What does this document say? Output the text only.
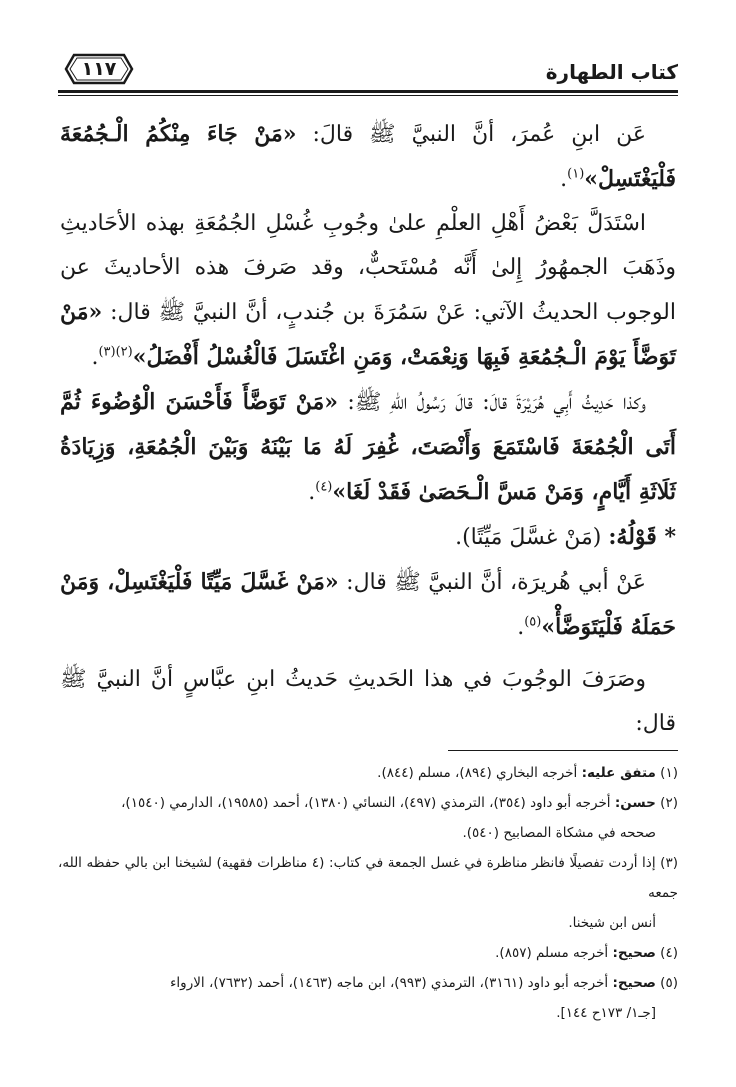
كتاب الطهارة
١١٧

عَن ابنِ عُمرَ، أنَّ النبيَّ ﷺ قالَ: «مَنْ جَاءَ مِنْكُمُ الْـجُمُعَةَ فَلْيَغْتَسِلْ»$^{(١)}$.

اسْتَدَلَّ بَعْضُ أَهْلِ العلْمِ علىٰ وجُوبِ غُسْلِ الجُمُعَةِ بهذه الأحَاديثِ وذَهَبَ الجمهُورُ إِلىٰ أَنَّه مُسْتَحبٌّ، وقد صَرفَ هذه الأحاديثَ عن الوجوب الحديثُ الآتي: عَنْ سَمُرَةَ بن جُندبٍ، أنَّ النبيَّ ﷺ قال: «مَنْ تَوَضَّأَ يَوْمَ الْـجُمُعَةِ فَبِهَا وَنِعْمَتْ، وَمَنِ اغْتَسَلَ فَالْغُسْلُ أَفْضَلُ»$^{(٢)(٣)}$.

وكذا حَدِيثُ أَبِي هُرَيْرَةَ قالَ: قالَ رَسُولُ اللهِ ﷺ: «مَنْ تَوَضَّأَ فَأَحْسَنَ الْوُضُوءَ ثُمَّ أَتَى الْجُمُعَةَ فَاسْتَمَعَ وَأَنْصَتَ، غُفِرَ لَهُ مَا بَيْنَهُ وَبَيْنَ الْجُمُعَةِ، وَزِيَادَةُ ثَلَاثَةِ أَيَّامٍ، وَمَنْ مَسَّ الْـحَصَىٰ فَقَدْ لَغَا»$^{(٤)}$.

* قَوْلُهُ: (مَنْ غسَّلَ مَيِّتًا).

عَنْ أبي هُريرَة، أنَّ النبيَّ ﷺ قال: «مَنْ غَسَّلَ مَيِّتًا فَلْيَغْتَسِلْ، وَمَنْ حَمَلَهُ فَلْيَتَوَضَّأْ»$^{(٥)}$.

وصَرَفَ الوجُوبَ في هذا الحَديثِ حَديثُ ابنِ عبَّاسٍ أنَّ النبيَّ ﷺ قال:

(١) متفق عليه: أخرجه البخاري (٨٩٤)، مسلم (٨٤٤).

(٢) حسن: أخرجه أبو داود (٣٥٤)، الترمذي (٤٩٧)، النسائي (١٣٨٠)، أحمد (١٩٥٨٥)، الدارمي (١٥٤٠)،

صححه في مشكاة المصابيح (٥٤٠).

(٣) إذا أردت تفصيلًا فانظر مناظرة في غسل الجمعة في كتاب: (٤ مناظرات فقهية) لشيخنا ابن بالي حفظه الله، جمعه

أنس ابن شيخنا.

(٤) صحيح: أخرجه مسلم (٨٥٧).

(٥) صحيح: أخرجه أبو داود (٣١٦١)، الترمذي (٩٩٣)، ابن ماجه (١٤٦٣)، أحمد (٧٦٣٢)، الارواء

[جـ١/ ١٧٣ح ١٤٤].
